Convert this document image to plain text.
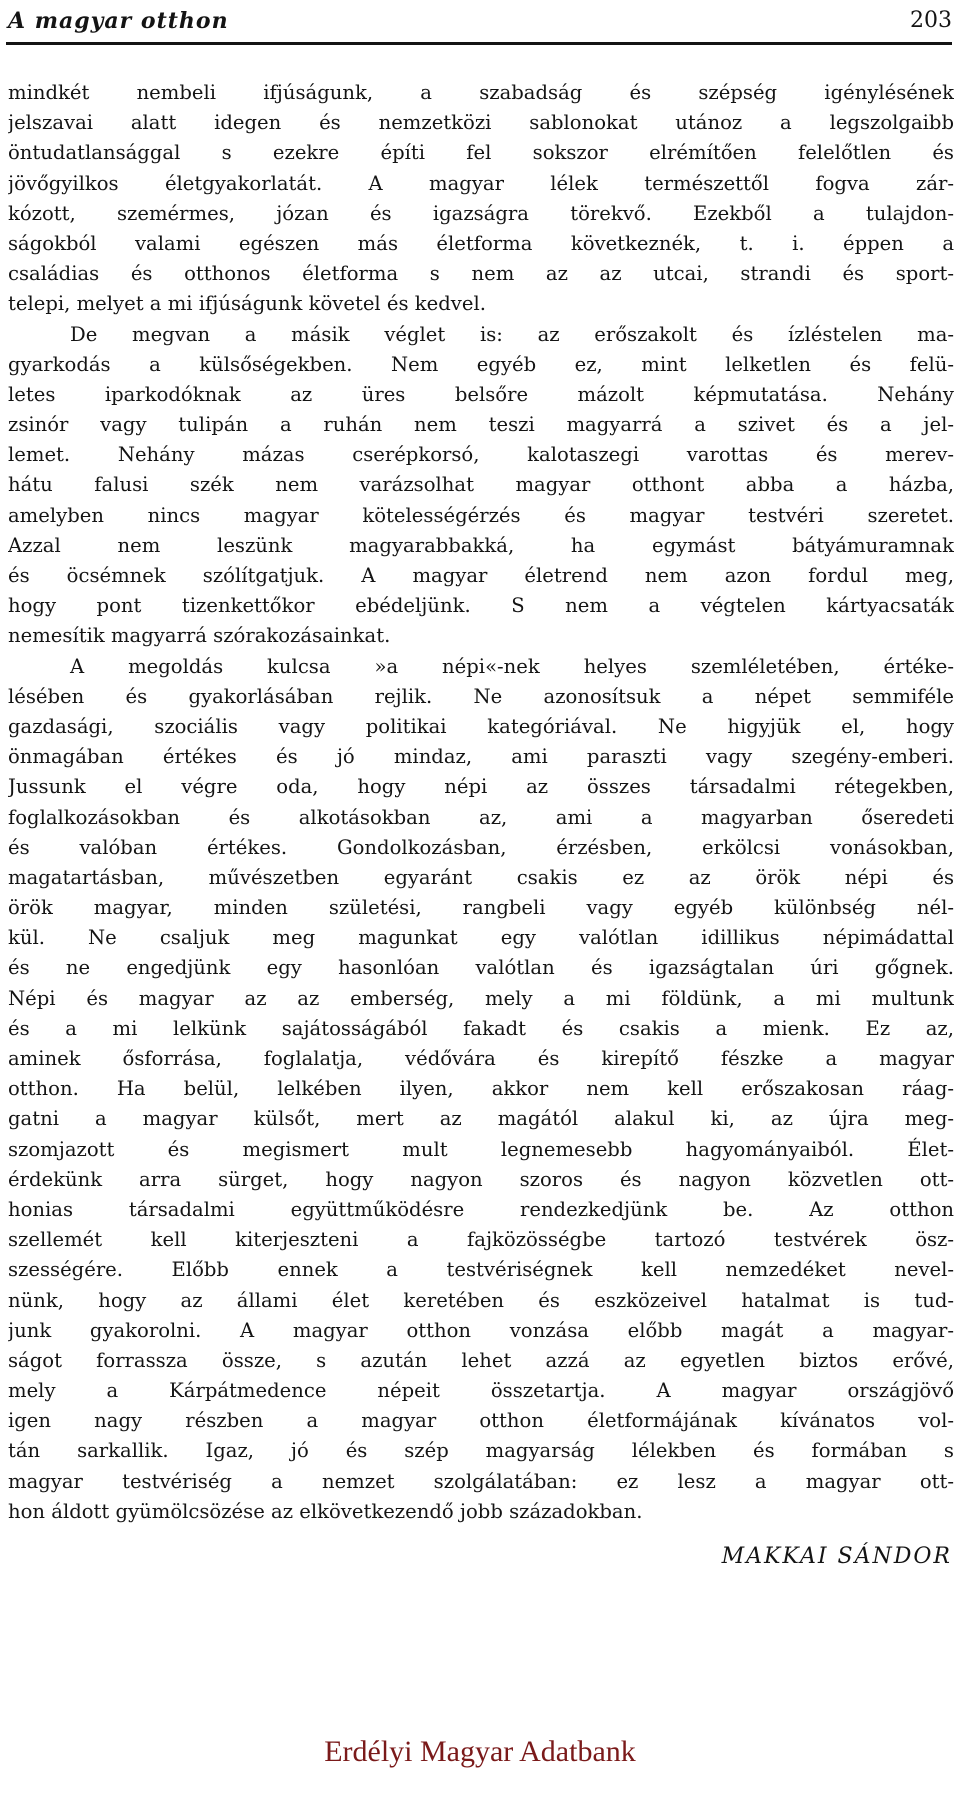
A magyar otthon	203
mindkét nembeli ifjúságunk, a szabadság és szépség igénylésének
jelszavai alatt idegen és nemzetközi sablonokat utánoz a legszolgaibb
öntudatlansággal s ezekre építi fel sokszor elrémítően felelőtlen és
jövőgyilkos életgyakorlatát. A magyar lélek természettől fogva zár-
kózott, szemérmes, józan és igazságra törekvő. Ezekből a tulajdon-
ságokból valami egészen más életforma következnék, t. i. éppen a
családias és otthonos életforma s nem az az utcai, strandi és sport-
telepi, melyet a mi ifjúságunk követel és kedvel.
De megvan a másik véglet is: az erőszakolt és ízléstelen ma-
gyarkodás a külsőségekben. Nem egyéb ez, mint lelketlen és felü-
letes iparkodóknak az üres belsőre mázolt képmutatása. Nehány
zsinór vagy tulipán a ruhán nem teszi magyarrá a szivet és a jel-
lemet. Nehány mázas cserépkorsó, kalotaszegi varottas és merev-
hátu falusi szék nem varázsolhat magyar otthont abba a házba,
amelyben nincs magyar kötelességérzés és magyar testvéri szeretet.
Azzal nem leszünk magyarabbakká, ha egymást bátyámuramnak
és öcsémnek szólítgatjuk. A magyar életrend nem azon fordul meg,
hogy pont tizenkettőkor ebédeljünk. S nem a végtelen kártyacsaták
nemesítik magyarrá szórakozásainkat.
A megoldás kulcsa »a népi«-nek helyes szemléletében, értéke-
lésében és gyakorlásában rejlik. Ne azonosítsuk a népet semmiféle
gazdasági, szociális vagy politikai kategóriával. Ne higyjük el, hogy
önmagában értékes és jó mindaz, ami paraszti vagy szegény-emberi.
Jussunk el végre oda, hogy népi az összes társadalmi rétegekben,
foglalkozásokban és alkotásokban az, ami a magyarban őseredeti
és valóban értékes. Gondolkozásban, érzésben, erkölcsi vonásokban,
magatartásban, művészetben egyaránt csakis ez az örök népi és
örök magyar, minden születési, rangbeli vagy egyéb különbség nél-
kül. Ne csaljuk meg magunkat egy valótlan idillikus népimádattal
és ne engedjünk egy hasonlóan valótlan és igazságtalan úri gőgnek.
Népi és magyar az az emberség, mely a mi földünk, a mi multunk
és a mi lelkünk sajátosságából fakadt és csakis a mienk. Ez az,
aminek ősforrása, foglalatja, védővára és kirepítő fészke a magyar
otthon. Ha belül, lelkében ilyen, akkor nem kell erőszakosan ráag-
gatni a magyar külsőt, mert az magától alakul ki, az újra meg-
szomjazott és megismert mult legnemesebb hagyományaiból. Élet-
érdekünk arra sürget, hogy nagyon szoros és nagyon közvetlen ott-
honias társadalmi együttműködésre rendezkedjünk be. Az otthon
szellemét kell kiterjeszteni a fajközösségbe tartozó testvérek ösz-
szességére. Előbb ennek a testvériségnek kell nemzedéket nevel-
nünk, hogy az állami élet keretében és eszközeivel hatalmat is tud-
junk gyakorolni. A magyar otthon vonzása előbb magát a magyar-
ságot forrassza össze, s azután lehet azzá az egyetlen biztos erővé,
mely a Kárpátmedence népeit összetartja. A magyar országjövő
igen nagy részben a magyar otthon életformájának kívánatos vol-
tán sarkallik. Igaz, jó és szép magyarság lélekben és formában s
magyar testvériség a nemzet szolgálatában: ez lesz a magyar ott-
hon áldott gyümölcsözése az elkövetkezendő jobb századokban.
MAKKAI SÁNDOR
Erdélyi Magyar Adatbank
